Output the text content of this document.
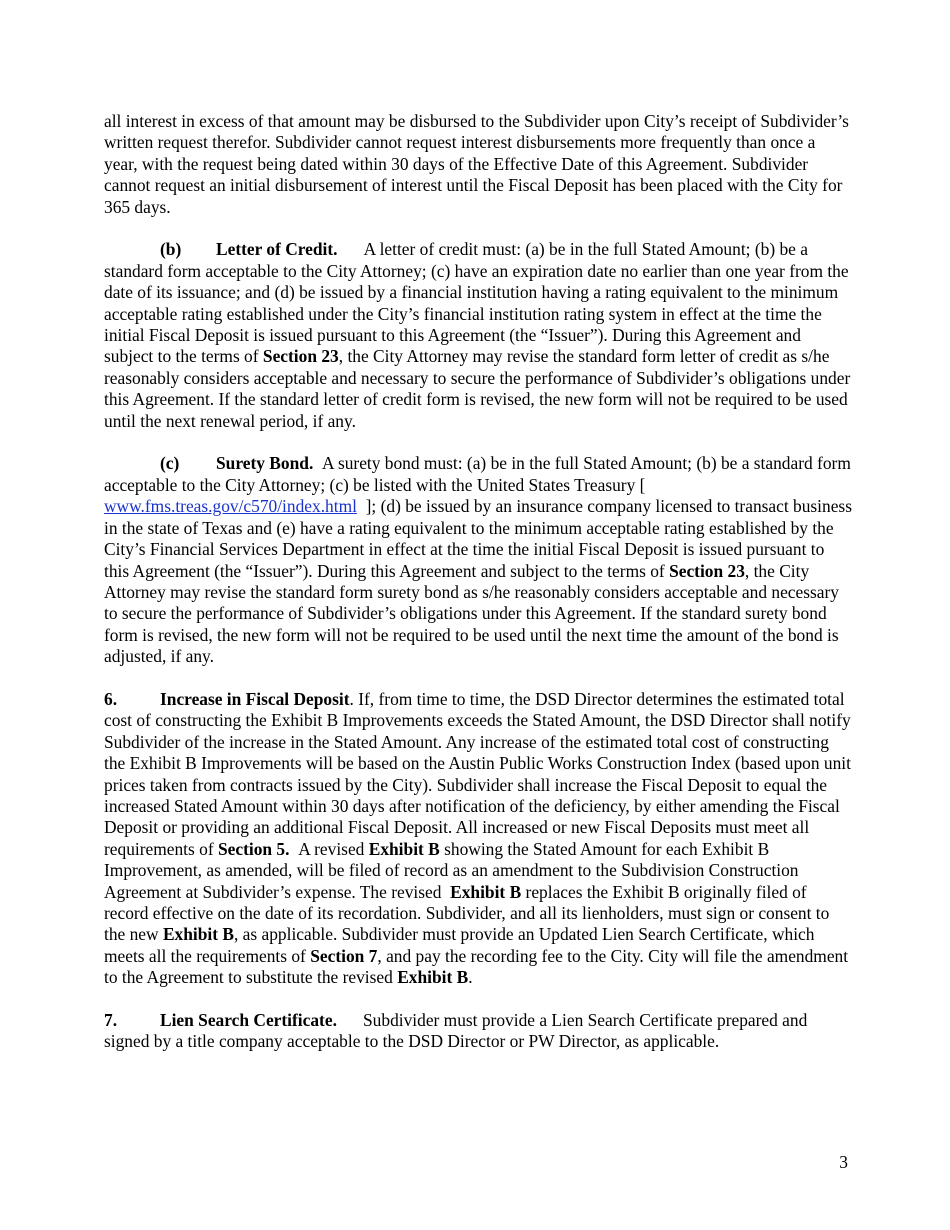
all interest in excess of that amount may be disbursed to the Subdivider upon City’s receipt of Subdivider’s written request therefor. Subdivider cannot request interest disbursements more frequently than once a year, with the request being dated within 30 days of the Effective Date of this Agreement. Subdivider cannot request an initial disbursement of interest until the Fiscal Deposit has been placed with the City for 365 days.

(b) Letter of Credit. A letter of credit must: (a) be in the full Stated Amount; (b) be a standard form acceptable to the City Attorney; (c) have an expiration date no earlier than one year from the date of its issuance; and (d) be issued by a financial institution having a rating equivalent to the minimum acceptable rating established under the City’s financial institution rating system in effect at the time the initial Fiscal Deposit is issued pursuant to this Agreement (the “Issuer”). During this Agreement and subject to the terms of Section 23, the City Attorney may revise the standard form letter of credit as s/he reasonably considers acceptable and necessary to secure the performance of Subdivider’s obligations under this Agreement. If the standard letter of credit form is revised, the new form will not be required to be used until the next renewal period, if any.

(c) Surety Bond. A surety bond must: (a) be in the full Stated Amount; (b) be a standard form acceptable to the City Attorney; (c) be listed with the United States Treasury [ www.fms.treas.gov/c570/index.html ]; (d) be issued by an insurance company licensed to transact business in the state of Texas and (e) have a rating equivalent to the minimum acceptable rating established by the City’s Financial Services Department in effect at the time the initial Fiscal Deposit is issued pursuant to this Agreement (the “Issuer”). During this Agreement and subject to the terms of Section 23, the City Attorney may revise the standard form surety bond as s/he reasonably considers acceptable and necessary to secure the performance of Subdivider’s obligations under this Agreement. If the standard surety bond form is revised, the new form will not be required to be used until the next time the amount of the bond is adjusted, if any.

6. Increase in Fiscal Deposit. If, from time to time, the DSD Director determines the estimated total cost of constructing the Exhibit B Improvements exceeds the Stated Amount, the DSD Director shall notify Subdivider of the increase in the Stated Amount. Any increase of the estimated total cost of constructing the Exhibit B Improvements will be based on the Austin Public Works Construction Index (based upon unit prices taken from contracts issued by the City). Subdivider shall increase the Fiscal Deposit to equal the increased Stated Amount within 30 days after notification of the deficiency, by either amending the Fiscal Deposit or providing an additional Fiscal Deposit. All increased or new Fiscal Deposits must meet all requirements of Section 5. A revised Exhibit B showing the Stated Amount for each Exhibit B Improvement, as amended, will be filed of record as an amendment to the Subdivision Construction Agreement at Subdivider’s expense. The revised Exhibit B replaces the Exhibit B originally filed of record effective on the date of its recordation. Subdivider, and all its lienholders, must sign or consent to the new Exhibit B, as applicable. Subdivider must provide an Updated Lien Search Certificate, which meets all the requirements of Section 7, and pay the recording fee to the City. City will file the amendment to the Agreement to substitute the revised Exhibit B.

7. Lien Search Certificate. Subdivider must provide a Lien Search Certificate prepared and signed by a title company acceptable to the DSD Director or PW Director, as applicable.

3
